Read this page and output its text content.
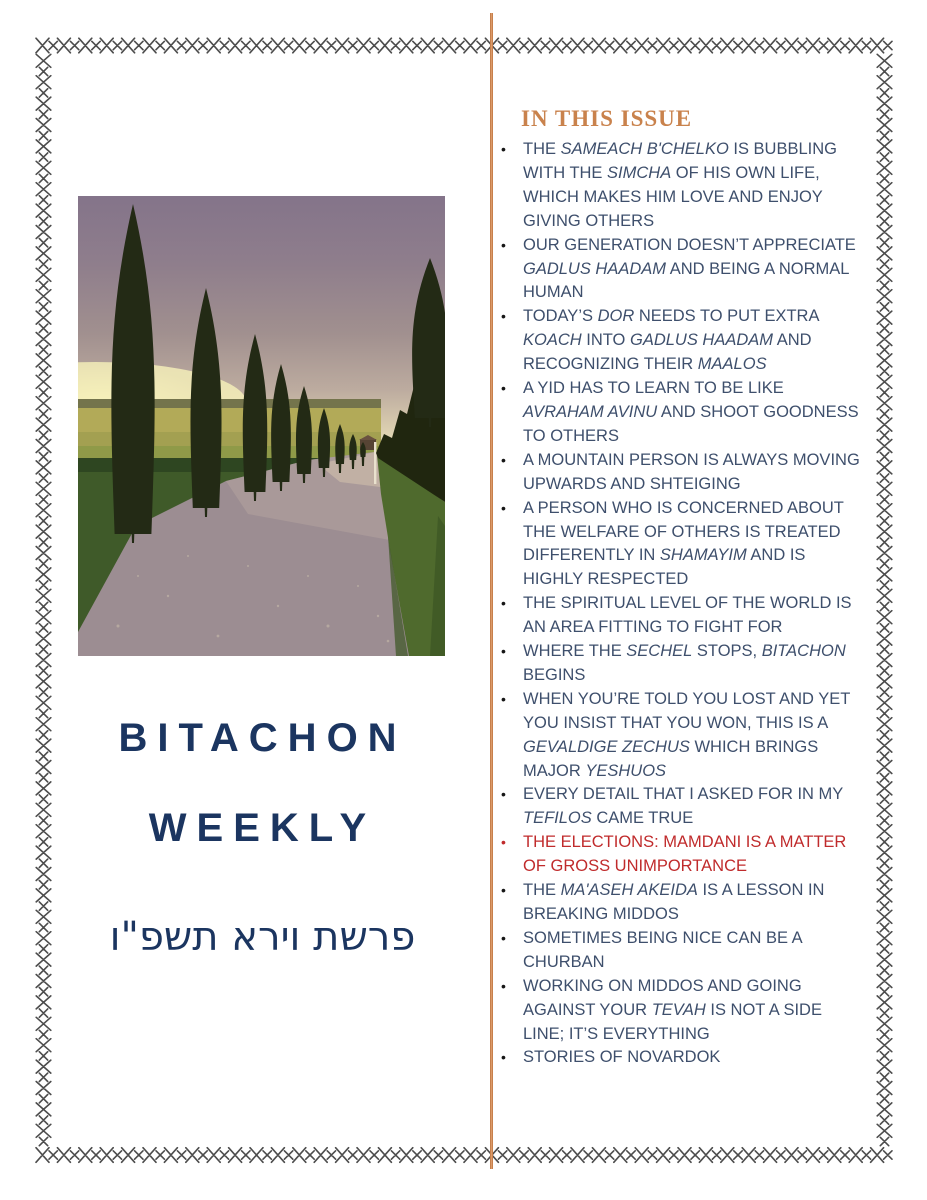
BITACHON
WEEKLY
פרשת וירא תשפ"ו
IN THIS ISSUE
•	THE SAMEACH B'CHELKO IS BUBBLING WITH THE SIMCHA OF HIS OWN LIFE, WHICH MAKES HIM LOVE AND ENJOY GIVING OTHERS
•	OUR GENERATION DOESN’T APPRECIATE GADLUS HAADAM AND BEING A NORMAL HUMAN
•	TODAY’S DOR NEEDS TO PUT EXTRA KOACH INTO GADLUS HAADAM AND RECOGNIZING THEIR MAALOS
•	A YID HAS TO LEARN TO BE LIKE AVRAHAM AVINU AND SHOOT GOODNESS TO OTHERS
•	A MOUNTAIN PERSON IS ALWAYS MOVING UPWARDS AND SHTEIGING
•	A PERSON WHO IS CONCERNED ABOUT THE WELFARE OF OTHERS IS TREATED DIFFERENTLY IN SHAMAYIM AND IS HIGHLY RESPECTED
•	THE SPIRITUAL LEVEL OF THE WORLD IS AN AREA FITTING TO FIGHT FOR
•	WHERE THE SECHEL STOPS, BITACHON BEGINS
•	WHEN YOU’RE TOLD YOU LOST AND YET YOU INSIST THAT YOU WON, THIS IS A GEVALDIGE ZECHUS WHICH BRINGS MAJOR YESHUOS
•	EVERY DETAIL THAT I ASKED FOR IN MY TEFILOS CAME TRUE
•	THE ELECTIONS: MAMDANI IS A MATTER OF GROSS UNIMPORTANCE
•	THE MA'ASEH AKEIDA IS A LESSON IN BREAKING MIDDOS
•	SOMETIMES BEING NICE CAN BE A CHURBAN
•	WORKING ON MIDDOS AND GOING AGAINST YOUR TEVAH IS NOT A SIDE LINE; IT’S EVERYTHING
•	STORIES OF NOVARDOK
